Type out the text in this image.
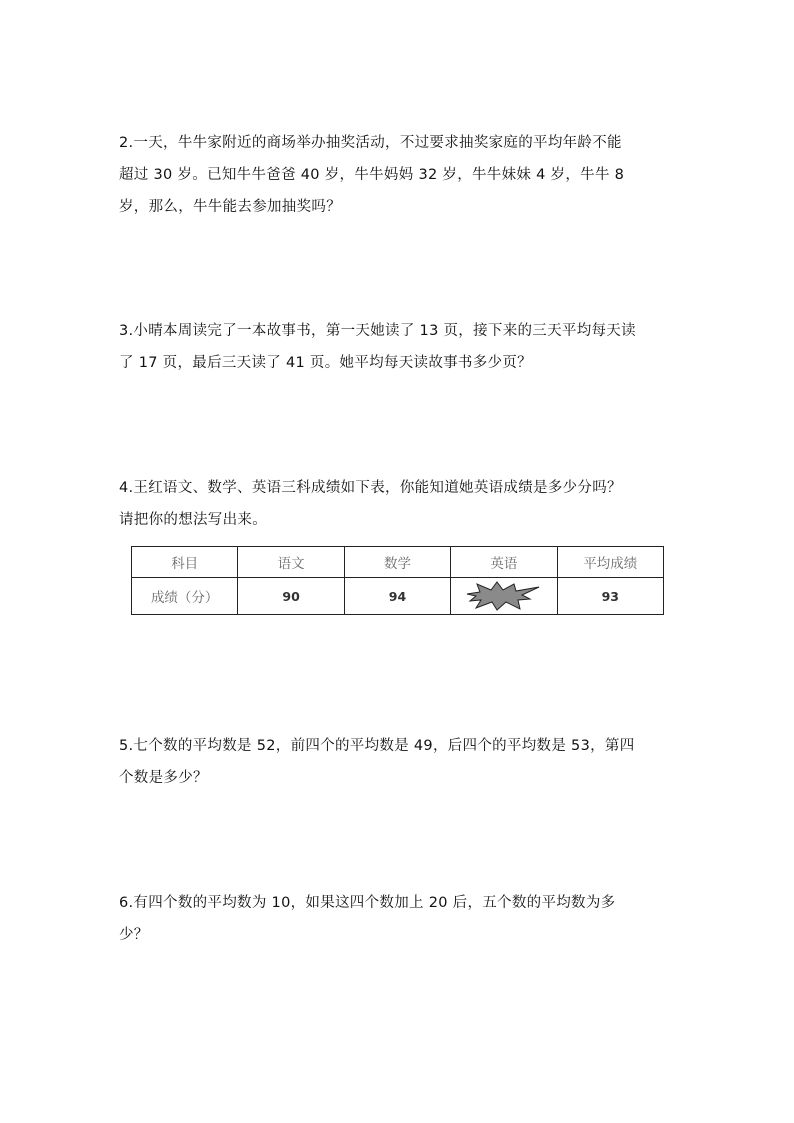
2.一天，牛牛家附近的商场举办抽奖活动，不过要求抽奖家庭的平均年龄不能
超过 30 岁。已知牛牛爸爸 40 岁，牛牛妈妈 32 岁，牛牛妹妹 4 岁，牛牛 8
岁，那么，牛牛能去参加抽奖吗？

3.小晴本周读完了一本故事书，第一天她读了 13 页，接下来的三天平均每天读
了 17 页，最后三天读了 41 页。她平均每天读故事书多少页？

4.王红语文、数学、英语三科成绩如下表，你能知道她英语成绩是多少分吗？
请把你的想法写出来。

科目	语文	数学	英语	平均成绩
成绩（分）	90	94		93

5.七个数的平均数是 52，前四个的平均数是 49，后四个的平均数是 53，第四
个数是多少？

6.有四个数的平均数为 10，如果这四个数加上 20 后，五个数的平均数为多
少？
